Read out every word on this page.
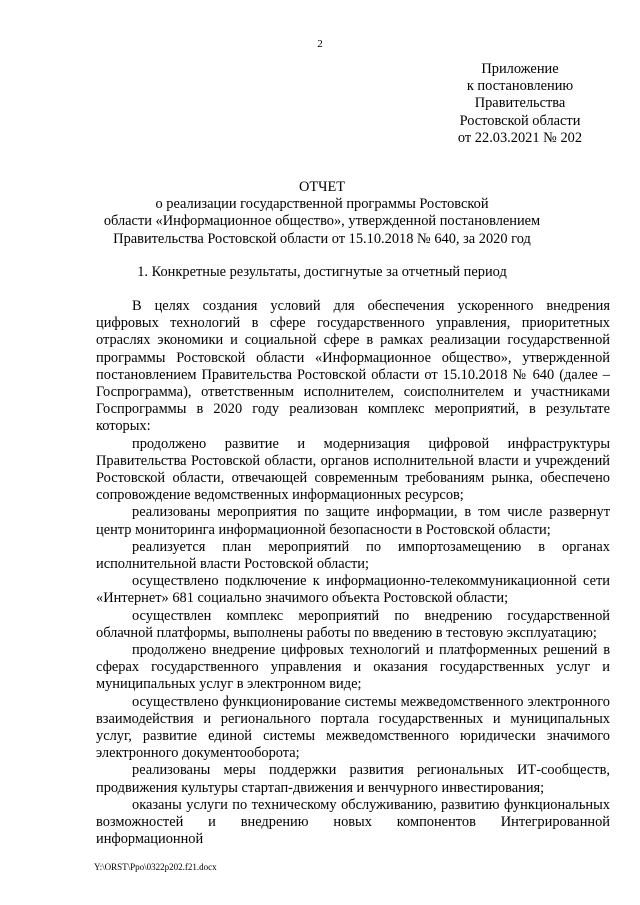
2
Приложение
к постановлению
Правительства
Ростовской области
от 22.03.2021 № 202
ОТЧЕТ
о реализации государственной программы Ростовской
области «Информационное общество», утвержденной постановлением
Правительства Ростовской области от 15.10.2018 № 640, за 2020 год
1. Конкретные результаты, достигнутые за отчетный период

В целях создания условий для обеспечения ускоренного внедрения цифровых технологий в сфере государственного управления, приоритетных отраслях экономики и социальной сфере в рамках реализации государственной программы Ростовской области «Информационное общество», утвержденной постановлением Правительства Ростовской области от 15.10.2018 № 640 (далее – Госпрограмма), ответственным исполнителем, соисполнителем и участниками Госпрограммы в 2020 году реализован комплекс мероприятий, в результате которых:

продолжено развитие и модернизация цифровой инфраструктуры Правительства Ростовской области, органов исполнительной власти и учреждений Ростовской области, отвечающей современным требованиям рынка, обеспечено сопровождение ведомственных информационных ресурсов;

реализованы мероприятия по защите информации, в том числе развернут центр мониторинга информационной безопасности в Ростовской области;

реализуется план мероприятий по импортозамещению в органах исполнительной власти Ростовской области;

осуществлено подключение к информационно-телекоммуникационной сети «Интернет» 681 социально значимого объекта Ростовской области;

осуществлен комплекс мероприятий по внедрению государственной облачной платформы, выполнены работы по введению в тестовую эксплуатацию;

продолжено внедрение цифровых технологий и платформенных решений в сферах государственного управления и оказания государственных услуг и муниципальных услуг в электронном виде;

осуществлено функционирование системы межведомственного электронного взаимодействия и регионального портала государственных и муниципальных услуг, развитие единой системы межведомственного юридически значимого электронного документооборота;

реализованы меры поддержки развития региональных ИТ-сообществ, продвижения культуры стартап-движения и венчурного инвестирования;

оказаны услуги по техническому обслуживанию, развитию функциональных возможностей и внедрению новых компонентов Интегрированной информационной

Y:\ORST\Ppo\0322p202.f21.docx
